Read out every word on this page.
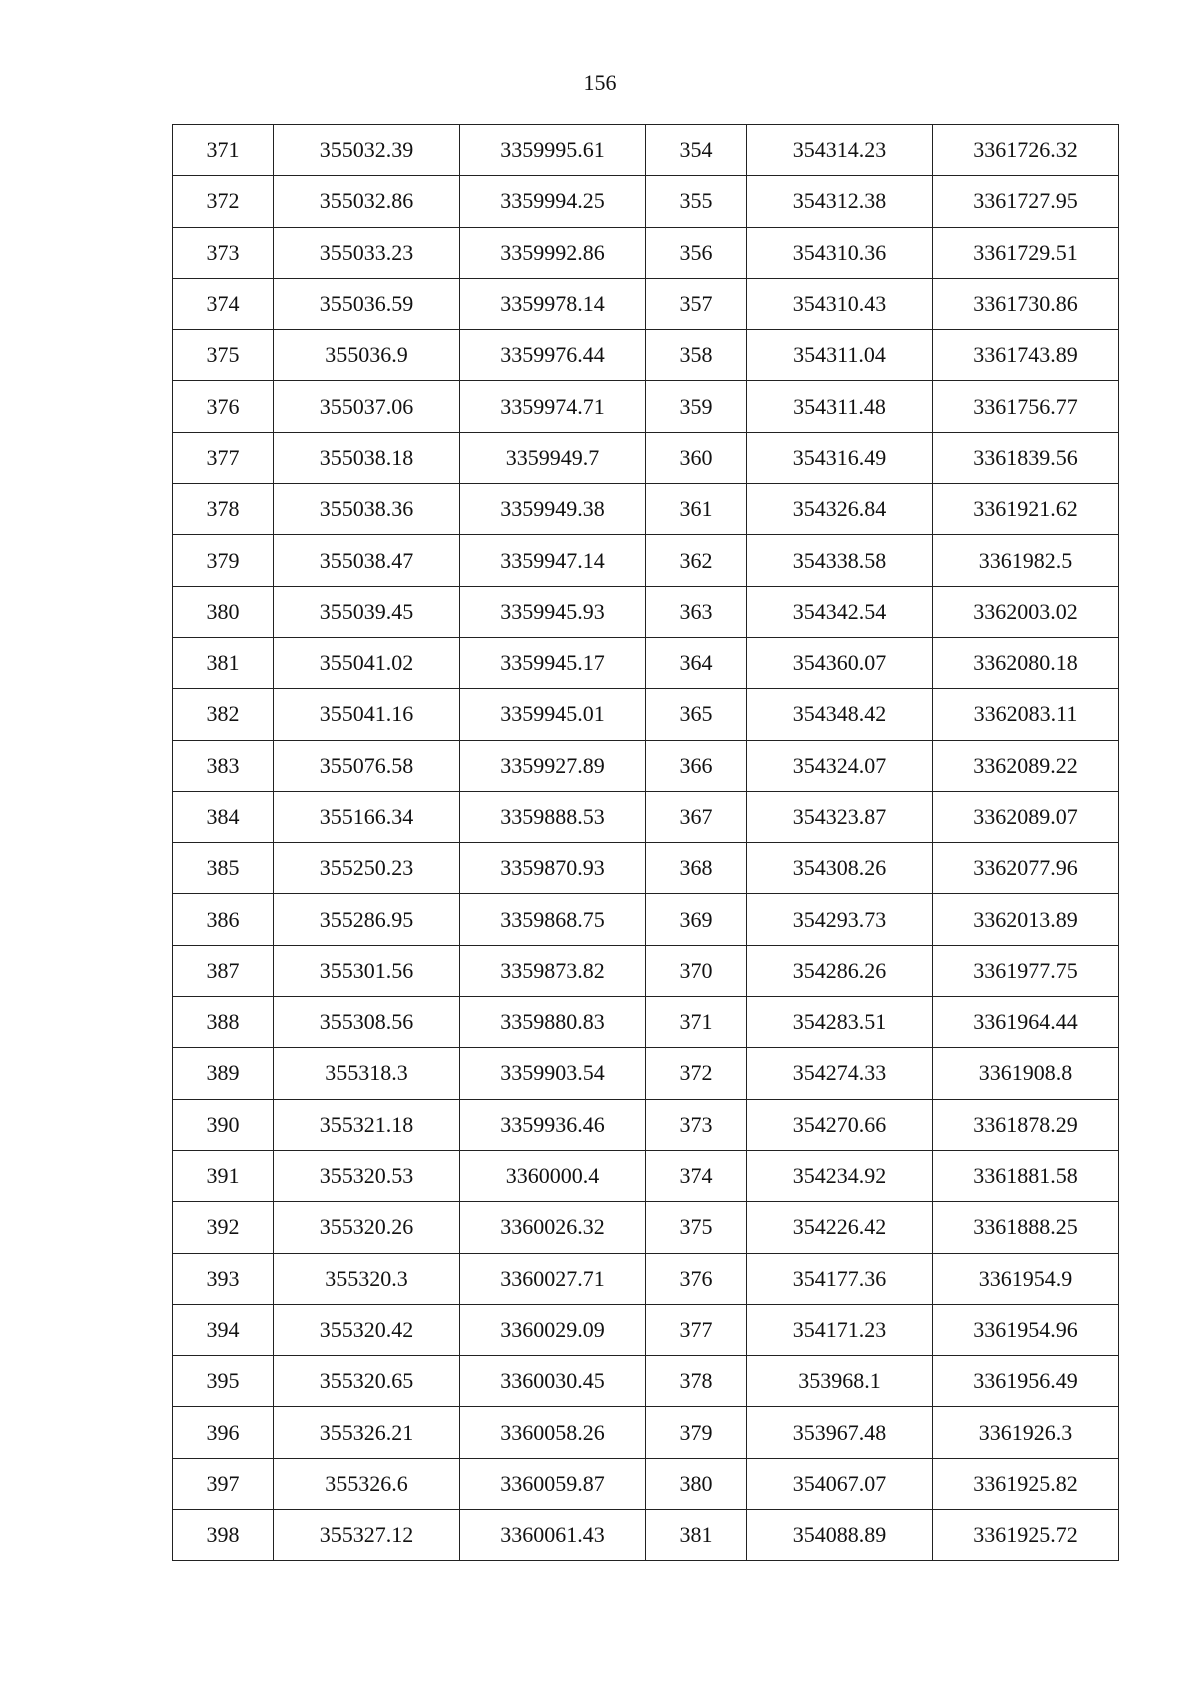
156
371	355032.39	3359995.61	354	354314.23	3361726.32
372	355032.86	3359994.25	355	354312.38	3361727.95
373	355033.23	3359992.86	356	354310.36	3361729.51
374	355036.59	3359978.14	357	354310.43	3361730.86
375	355036.9	3359976.44	358	354311.04	3361743.89
376	355037.06	3359974.71	359	354311.48	3361756.77
377	355038.18	3359949.7	360	354316.49	3361839.56
378	355038.36	3359949.38	361	354326.84	3361921.62
379	355038.47	3359947.14	362	354338.58	3361982.5
380	355039.45	3359945.93	363	354342.54	3362003.02
381	355041.02	3359945.17	364	354360.07	3362080.18
382	355041.16	3359945.01	365	354348.42	3362083.11
383	355076.58	3359927.89	366	354324.07	3362089.22
384	355166.34	3359888.53	367	354323.87	3362089.07
385	355250.23	3359870.93	368	354308.26	3362077.96
386	355286.95	3359868.75	369	354293.73	3362013.89
387	355301.56	3359873.82	370	354286.26	3361977.75
388	355308.56	3359880.83	371	354283.51	3361964.44
389	355318.3	3359903.54	372	354274.33	3361908.8
390	355321.18	3359936.46	373	354270.66	3361878.29
391	355320.53	3360000.4	374	354234.92	3361881.58
392	355320.26	3360026.32	375	354226.42	3361888.25
393	355320.3	3360027.71	376	354177.36	3361954.9
394	355320.42	3360029.09	377	354171.23	3361954.96
395	355320.65	3360030.45	378	353968.1	3361956.49
396	355326.21	3360058.26	379	353967.48	3361926.3
397	355326.6	3360059.87	380	354067.07	3361925.82
398	355327.12	3360061.43	381	354088.89	3361925.72
